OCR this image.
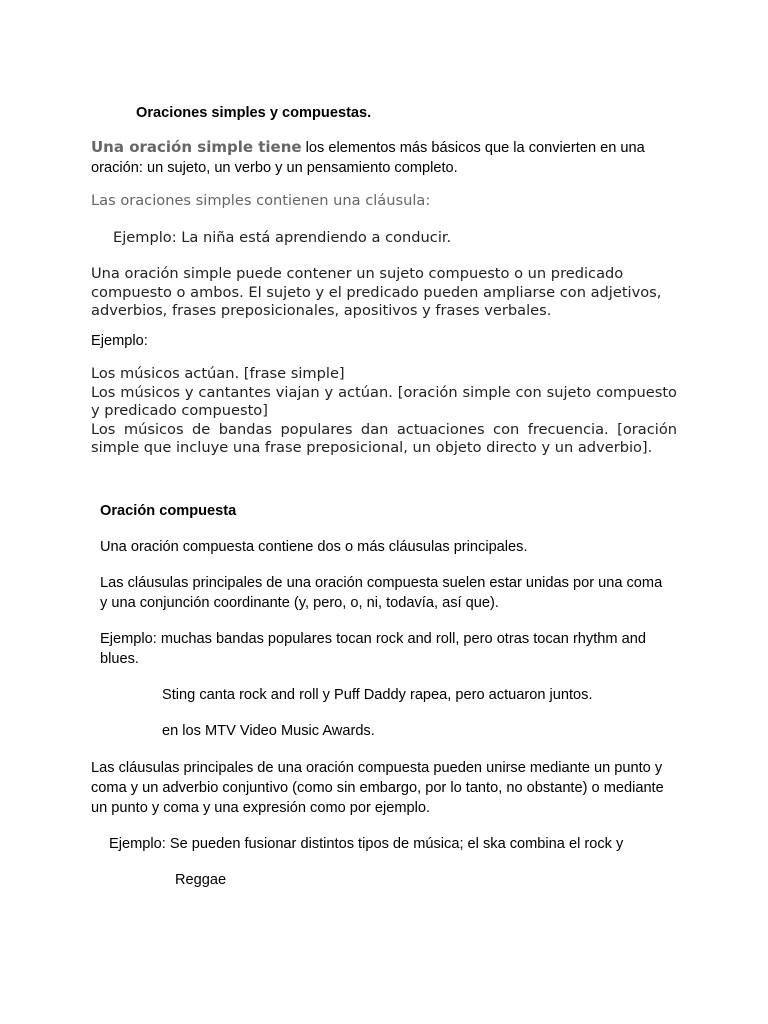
Oraciones simples y compuestas.

Una oración simple tiene los elementos más básicos que la convierten en una oración: un sujeto, un verbo y un pensamiento completo.

Las oraciones simples contienen una cláusula:

Ejemplo: La niña está aprendiendo a conducir.

Una oración simple puede contener un sujeto compuesto o un predicado compuesto o ambos. El sujeto y el predicado pueden ampliarse con adjetivos, adverbios, frases preposicionales, apositivos y frases verbales.

Ejemplo:

Los músicos actúan. [frase simple]
Los músicos y cantantes viajan y actúan. [oración simple con sujeto compuesto y predicado compuesto]
Los músicos de bandas populares dan actuaciones con frecuencia. [oración simple que incluye una frase preposicional, un objeto directo y un adverbio].

Oración compuesta

Una oración compuesta contiene dos o más cláusulas principales.

Las cláusulas principales de una oración compuesta suelen estar unidas por una coma y una conjunción coordinante (y, pero, o, ni, todavía, así que).

Ejemplo: muchas bandas populares tocan rock and roll, pero otras tocan rhythm and blues.

Sting canta rock and roll y Puff Daddy rapea, pero actuaron juntos.

en los MTV Video Music Awards.

Las cláusulas principales de una oración compuesta pueden unirse mediante un punto y coma y un adverbio conjuntivo (como sin embargo, por lo tanto, no obstante) o mediante un punto y coma y una expresión como por ejemplo.

Ejemplo: Se pueden fusionar distintos tipos de música; el ska combina el rock y

Reggae
